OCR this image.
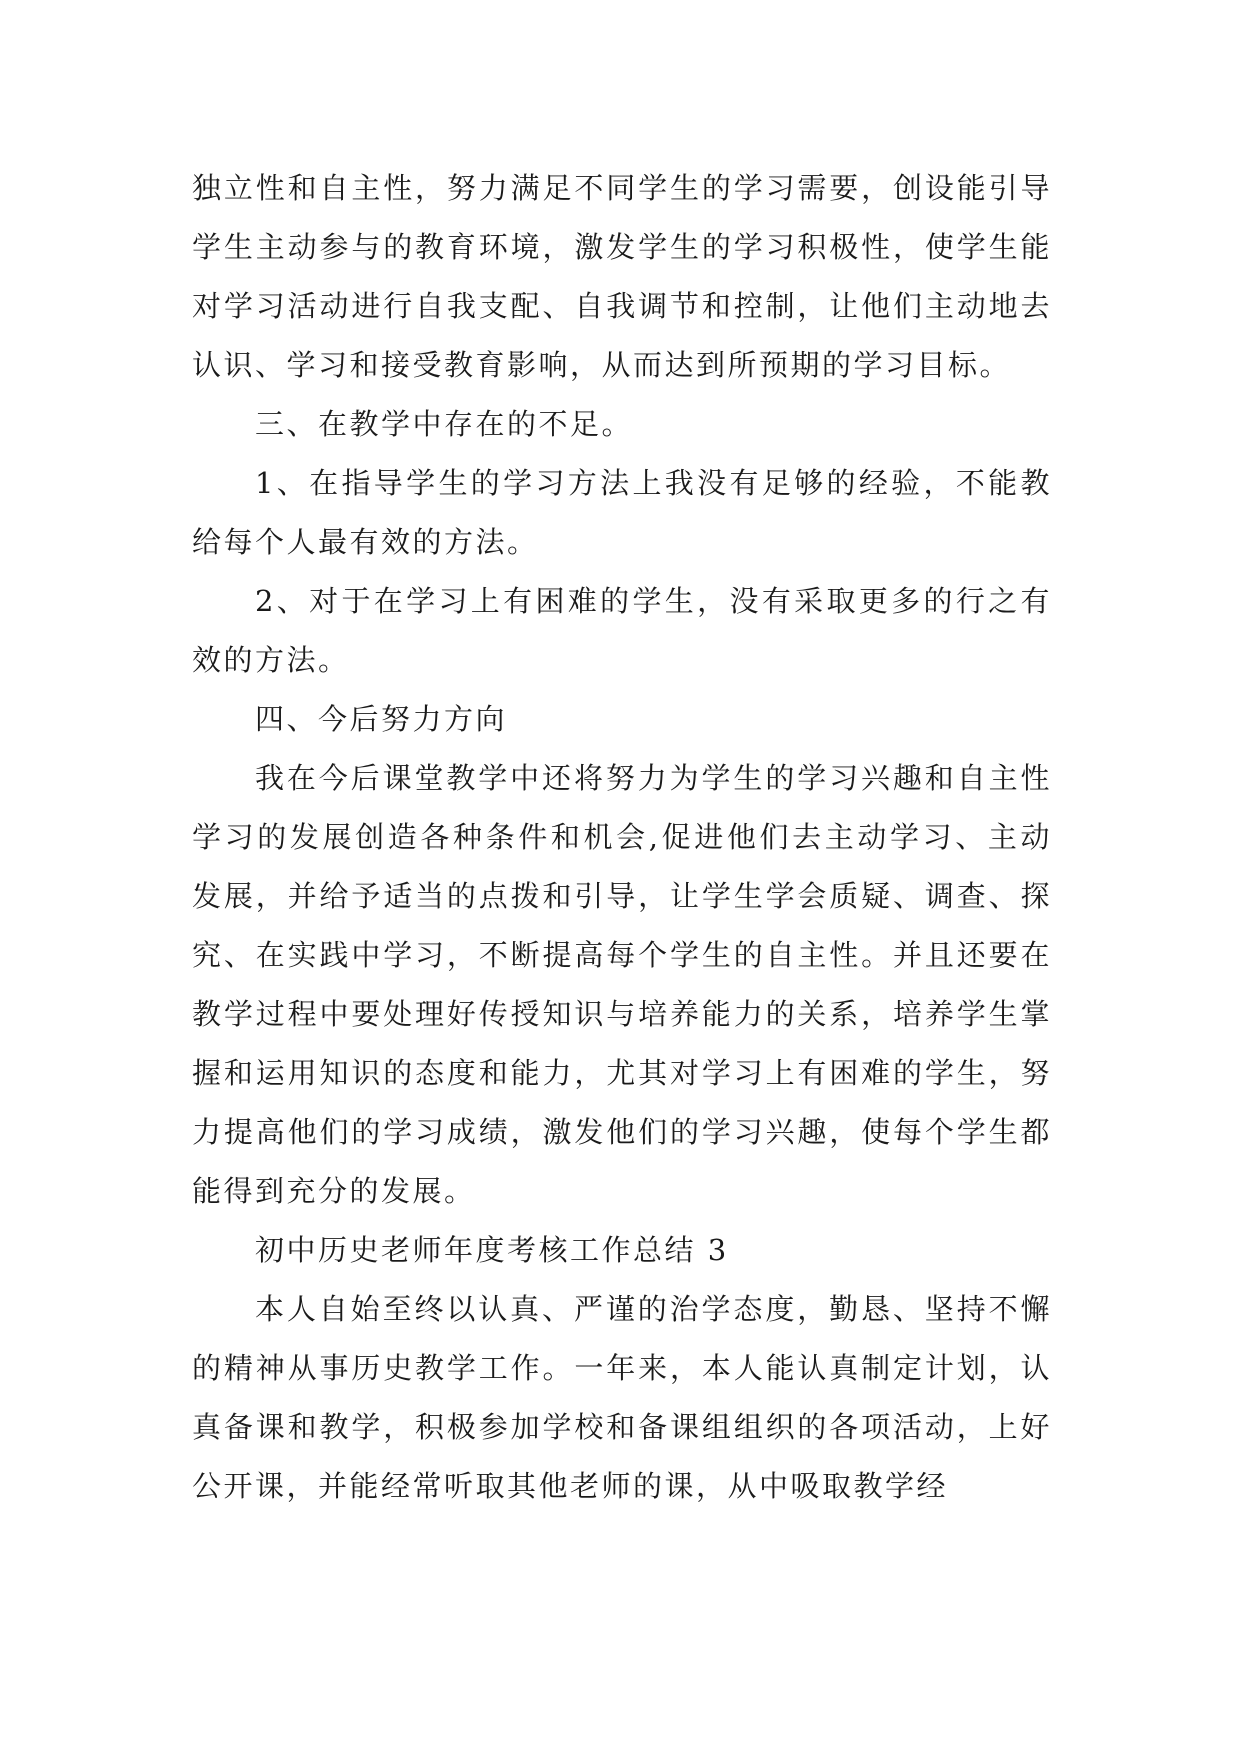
独立性和自主性，努力满足不同学生的学习需要，创设能引导学生主动参与的教育环境，激发学生的学习积极性，使学生能对学习活动进行自我支配、自我调节和控制，让他们主动地去认识、学习和接受教育影响，从而达到所预期的学习目标。

三、在教学中存在的不足。

1、在指导学生的学习方法上我没有足够的经验，不能教给每个人最有效的方法。

2、对于在学习上有困难的学生，没有采取更多的行之有效的方法。

四、今后努力方向

我在今后课堂教学中还将努力为学生的学习兴趣和自主性学习的发展创造各种条件和机会,促进他们去主动学习、主动发展，并给予适当的点拨和引导，让学生学会质疑、调查、探究、在实践中学习，不断提高每个学生的自主性。并且还要在教学过程中要处理好传授知识与培养能力的关系，培养学生掌握和运用知识的态度和能力，尤其对学习上有困难的学生，努力提高他们的学习成绩，激发他们的学习兴趣，使每个学生都能得到充分的发展。

初中历史老师年度考核工作总结 3

本人自始至终以认真、严谨的治学态度，勤恳、坚持不懈的精神从事历史教学工作。一年来，本人能认真制定计划，认真备课和教学，积极参加学校和备课组组织的各项活动，上好公开课，并能经常听取其他老师的课，从中吸取教学经
